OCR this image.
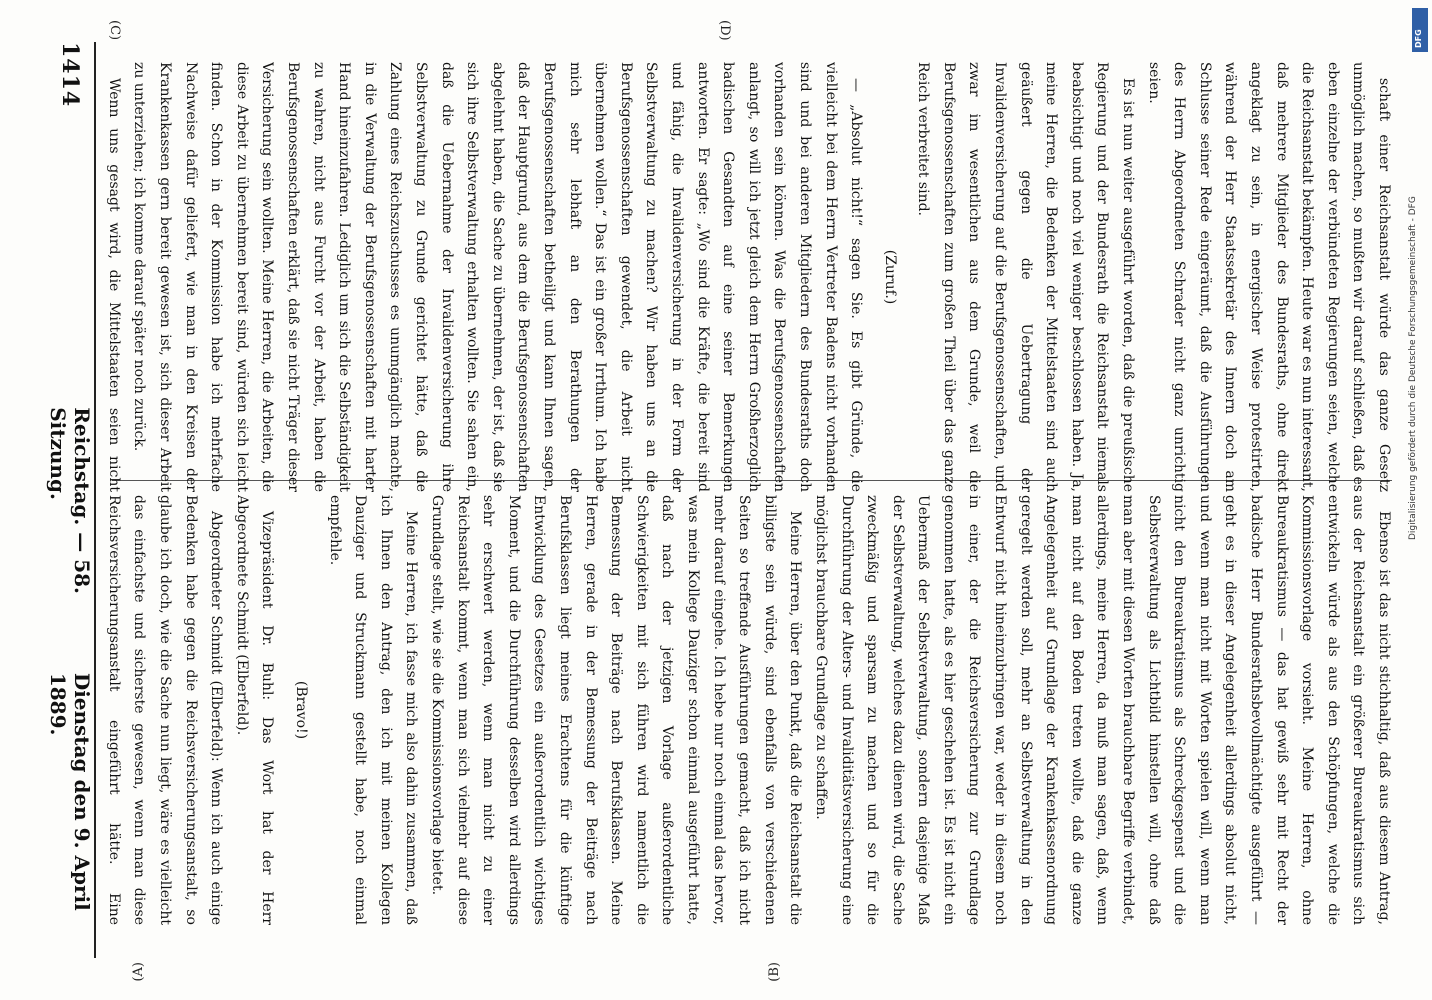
1414
Reichstag. — 58. Sitzung.
Dienstag den 9. April 1889.	Ebenso ist das nicht stichhaltig, daß aus diesem Antrag, aus der Reichsanstalt ein größerer Bureaukratismus sich entwickeln würde als aus den Schöpfungen, welche die Kommissionsvorlage vorsieht. Meine Herren, ohne Bureaukratismus — das hat gewiß sehr mit Recht der badische Herr Bundesrathsbevollmächtigte ausgeführt — geht es in dieser Angelegenheit allerdings absolut nicht, und wenn man nicht mit Worten spielen will, wenn man nicht den Bureaukratismus als Schreckgespenst und die Selbstverwaltung als Lichtbild hinstellen will, ohne daß man aber mit diesen Worten brauchbare Begriffe verbindet, allerdings, meine Herren, da muß man sagen, daß, wenn man nicht auf den Boden treten wollte, daß die ganze Angelegenheit auf Grundlage der Krankenkassenordnung geregelt werden soll, mehr an Selbstverwaltung in den Entwurf nicht hineinzubringen war, weder in diesem noch in einer, der die Reichsversicherung zur Grundlage genommen hatte, als es hier geschehen ist. Es ist nicht ein Uebermaß der Selbstverwaltung, sondern dasjenige Maß der Selbstverwaltung, welches dazu dienen wird, die Sache zweckmäßig und sparsam zu machen und so für die Durchführung der Alters- und Invaliditätsversicherung eine möglichst brauchbare Grundlage zu schaffen.

Meine Herren, über den Punkt, daß die Reichsanstalt die billigste sein würde, sind ebenfalls von verschiedenen Seiten so treffende Ausführungen gemacht, daß ich nicht mehr darauf eingehe. Ich hebe nur noch einmal das hervor, was mein Kollege Dauziger schon einmal ausgeführt hatte, daß nach der jetzigen Vorlage außerordentliche Schwierigkeiten mit sich führen wird namentlich die Bemessung der Beiträge nach Berufsklassen. Meine Herren, gerade in der Bemessung der Beiträge nach Berufsklassen liegt meines Erachtens für die künftige Entwicklung des Gesetzes ein außerordentlich wichtiges Moment, und die Durchführung desselben wird allerdings sehr erschwert werden, wenn man nicht zu einer Reichsanstalt kommt, wenn man sich vielmehr auf diese Grundlage stellt, wie sie die Kommissionsvorlage bietet.

Meine Herren, ich fasse mich also dahin zusammen, daß ich Ihnen den Antrag, den ich mit meinen Kollegen Dauziger und Struckmann gestellt habe, noch einmal empfehle.

(Bravo!)

Vizepräsident Dr. Buhl: Das Wort hat der Herr Abgeordnete Schmidt (Elberfeld).

Abgeordneter Schmidt (Elberfeld): Wenn ich auch einige Bedenken habe gegen die Reichsversicherungsanstalt, so glaube ich doch, wie die Sache nun liegt, wäre es vielleicht das einfachste und sicherste gewesen, wenn man diese Reichsversicherungsanstalt eingeführt hätte. Eine

schaft einer Reichsanstalt würde das ganze Gesetz unmöglich machen, so mußten wir darauf schließen, daß es eben einzelne der verbündeten Regierungen seien, welche die Reichsanstalt bekämpfen. Heute war es nun interessant, daß mehrere Mitglieder des Bundesraths, ohne direkt angeklagt zu sein, in energischer Weise protestirten, während der Herr Staatssekretär des Innern doch am Schlusse seiner Rede eingeräumt, daß die Ausführungen des Herrn Abgeordneten Schrader nicht ganz unrichtig seien.

Es ist nun weiter ausgeführt worden, daß die preußische Regierung und der Bundesrath die Reichsanstalt niemals beabsichtigt und noch viel weniger beschlossen haben. Ja, meine Herren, die Bedenken der Mittelstaaten sind auch geäußert gegen die Uebertragung der Invalidenversicherung auf die Berufsgenossenschaften, und zwar im wesentlichen aus dem Grunde, weil die Berufsgenossenschaften zum großen Theil über das ganze Reich verbreitet sind.

(Zuruf.)

— „Absolut nicht!“ sagen Sie. Es gibt Gründe, die vielleicht bei dem Herrn Vertreter Badens nicht vorhanden sind und bei anderen Mitgliedern des Bundesraths doch vorhanden sein können. Was die Berufsgenossenschaften anlangt, so will ich jetzt gleich dem Herrn Großherzoglich badischen Gesandten auf eine seiner Bemerkungen antworten. Er sagte: „Wo sind die Kräfte, die bereit sind und fähig, die Invalidenversicherung in der Form der Selbstverwaltung zu machen? Wir haben uns an die Berufsgenossenschaften gewendet, die Arbeit nicht übernehmen wollen.“ Das ist ein großer Irrthum. Ich habe mich sehr lebhaft an den Berathungen der Berufsgenossenschaften betheiligt und kann Ihnen sagen, daß der Hauptgrund, aus dem die Berufsgenossenschaften abgelehnt haben, die Sache zu übernehmen, der ist, daß sie sich ihre Selbstverwaltung erhalten wollten. Sie sahen ein, daß die Uebernahme der Invalidenversicherung ihre Selbstverwaltung zu Grunde gerichtet hätte, daß die Zahlung eines Reichszuschusses es unumgänglich machte, in die Verwaltung der Berufsgenossenschaften mit harter Hand hineinzufahren. Lediglich um sich die Selbständigkeit zu wahren, nicht aus Furcht vor der Arbeit, haben die Berufsgenossenschaften erklärt, daß sie nicht Träger dieser Versicherung sein wollten. Meine Herren, die Arbeiten, die diese Arbeit zu übernehmen bereit sind, würden sich leicht finden. Schon in der Kommission habe ich mehrfache Nachweise dafür geliefert, wie man in den Kreisen der Krankenkassen gern bereit gewesen ist, sich dieser Arbeit zu unterziehen; ich komme darauf später noch zurück.

Wenn uns gesagt wird, die Mittelstaaten seien nicht

(A)	(B)
(C)	(D)	DFG
Digitalisierung gefördert durch die Deutsche Forschungsgemeinschaft - DFG
